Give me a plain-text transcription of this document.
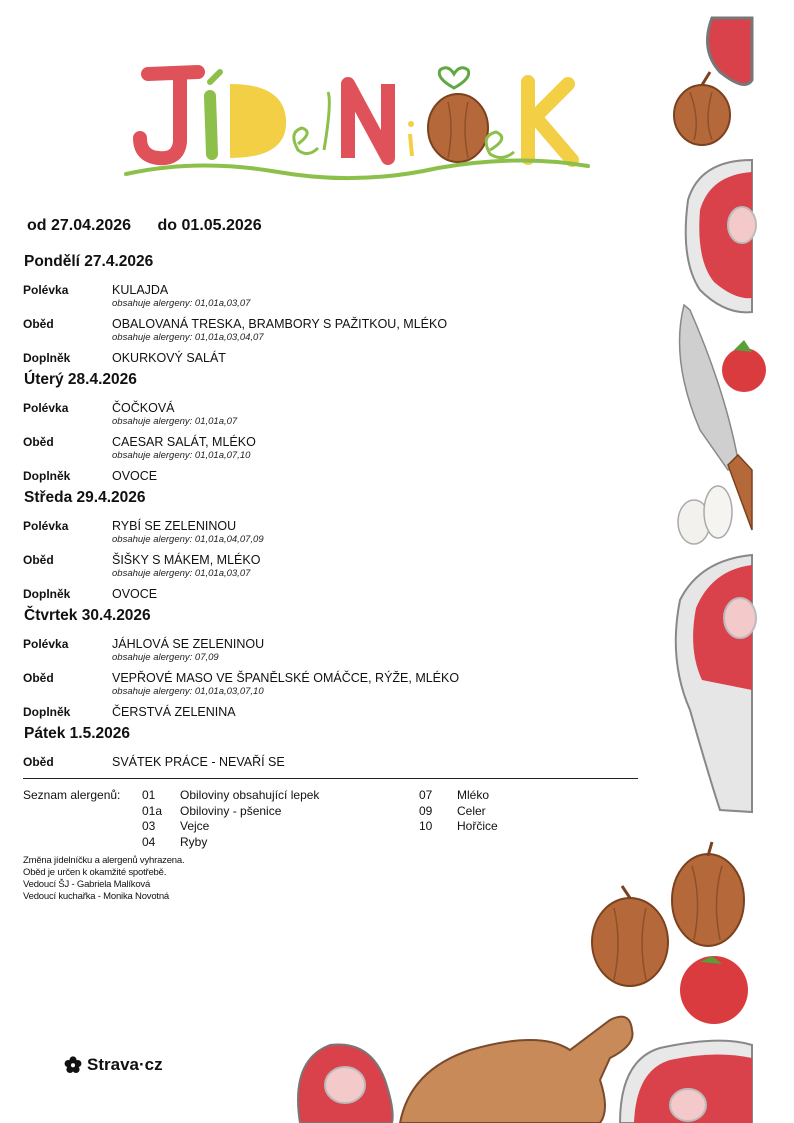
od 27.04.2026 do 01.05.2026
Pondělí 27.4.2026
Polévka	KULAJDA
obsahuje alergeny: 01,01a,03,07
Oběd	OBALOVANÁ TRESKA, BRAMBORY S PAŽITKOU, MLÉKO
obsahuje alergeny: 01,01a,03,04,07
Doplněk	OKURKOVÝ SALÁT
Úterý 28.4.2026
Polévka	ČOČKOVÁ
obsahuje alergeny: 01,01a,07
Oběd	CAESAR SALÁT, MLÉKO
obsahuje alergeny: 01,01a,07,10
Doplněk	OVOCE
Středa 29.4.2026
Polévka	RYBÍ SE ZELENINOU
obsahuje alergeny: 01,01a,04,07,09
Oběd	ŠIŠKY S MÁKEM, MLÉKO
obsahuje alergeny: 01,01a,03,07
Doplněk	OVOCE
Čtvrtek 30.4.2026
Polévka	JÁHLOVÁ SE ZELENINOU
obsahuje alergeny: 07,09
Oběd	VEPŘOVÉ MASO VE ŠPANĚLSKÉ OMÁČCE, RÝŽE, MLÉKO
obsahuje alergeny: 01,01a,03,07,10
Doplněk	ČERSTVÁ ZELENINA
Pátek 1.5.2026
Oběd	SVÁTEK PRÁCE - NEVAŘÍ SE
Seznam alergenů:	01 Obiloviny obsahující lepek
01a Obiloviny - pšenice
03 Vejce
04 Ryby
07 Mléko
09 Celer
10 Hořčice
Změna jídelníčku a alergenů vyhrazena.
Oběd je určen k okamžité spotřebě.
Vedoucí ŠJ - Gabriela Malíková
Vedoucí kuchařka - Monika Novotná
Strava·cz
